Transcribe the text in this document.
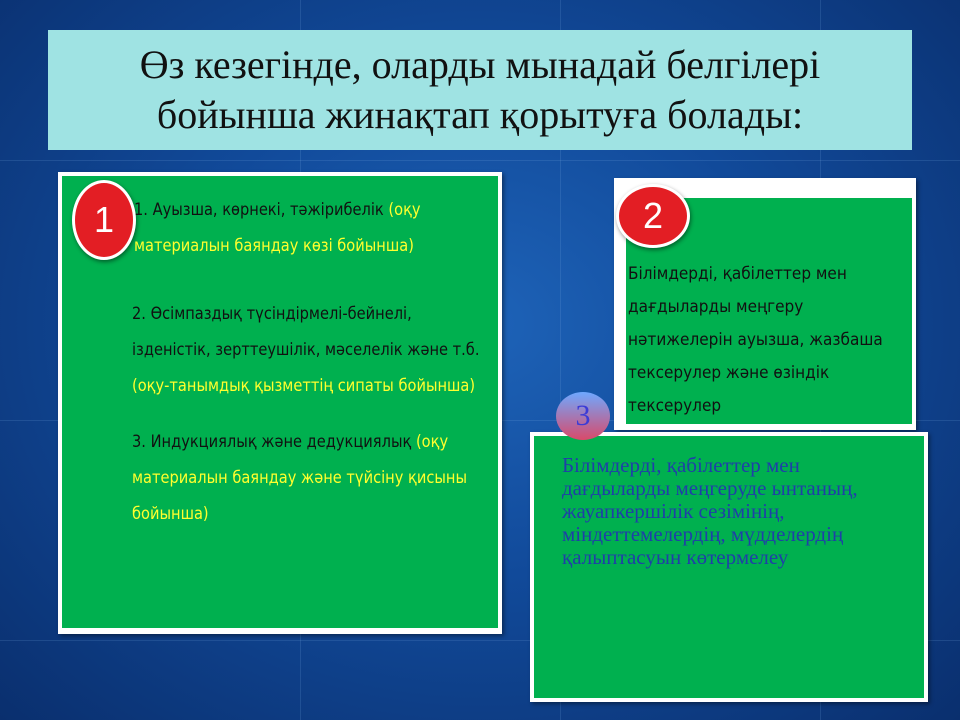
Өз кезегінде, оларды мынадай белгілері
бойынша жинақтап қорытуға болады:
1	1. Ауызша, көрнекі, тәжірибелік (оқу
материалын баяндау көзі бойынша)
2. Өсімпаздық түсіндірмелі-бейнелі,
ізденістік, зерттеушілік, мәселелік және т.б.
(оқу-танымдық қызметтің сипаты бойынша)
3. Индукциялық және дедукциялық (оқу
материалын баяндау және түйсіну қисыны
бойынша)
2
Білімдерді, қабілеттер мен
дағдыларды меңгеру
нәтижелерін ауызша, жазбаша
тексерулер және өзіндік
тексерулер
3
Білімдерді, қабілеттер мен дағдыларды меңгеруде ынтаның, жауапкершілік сезімінің, міндеттемелердің, мүдделердің қалыптасуын көтермелеу
